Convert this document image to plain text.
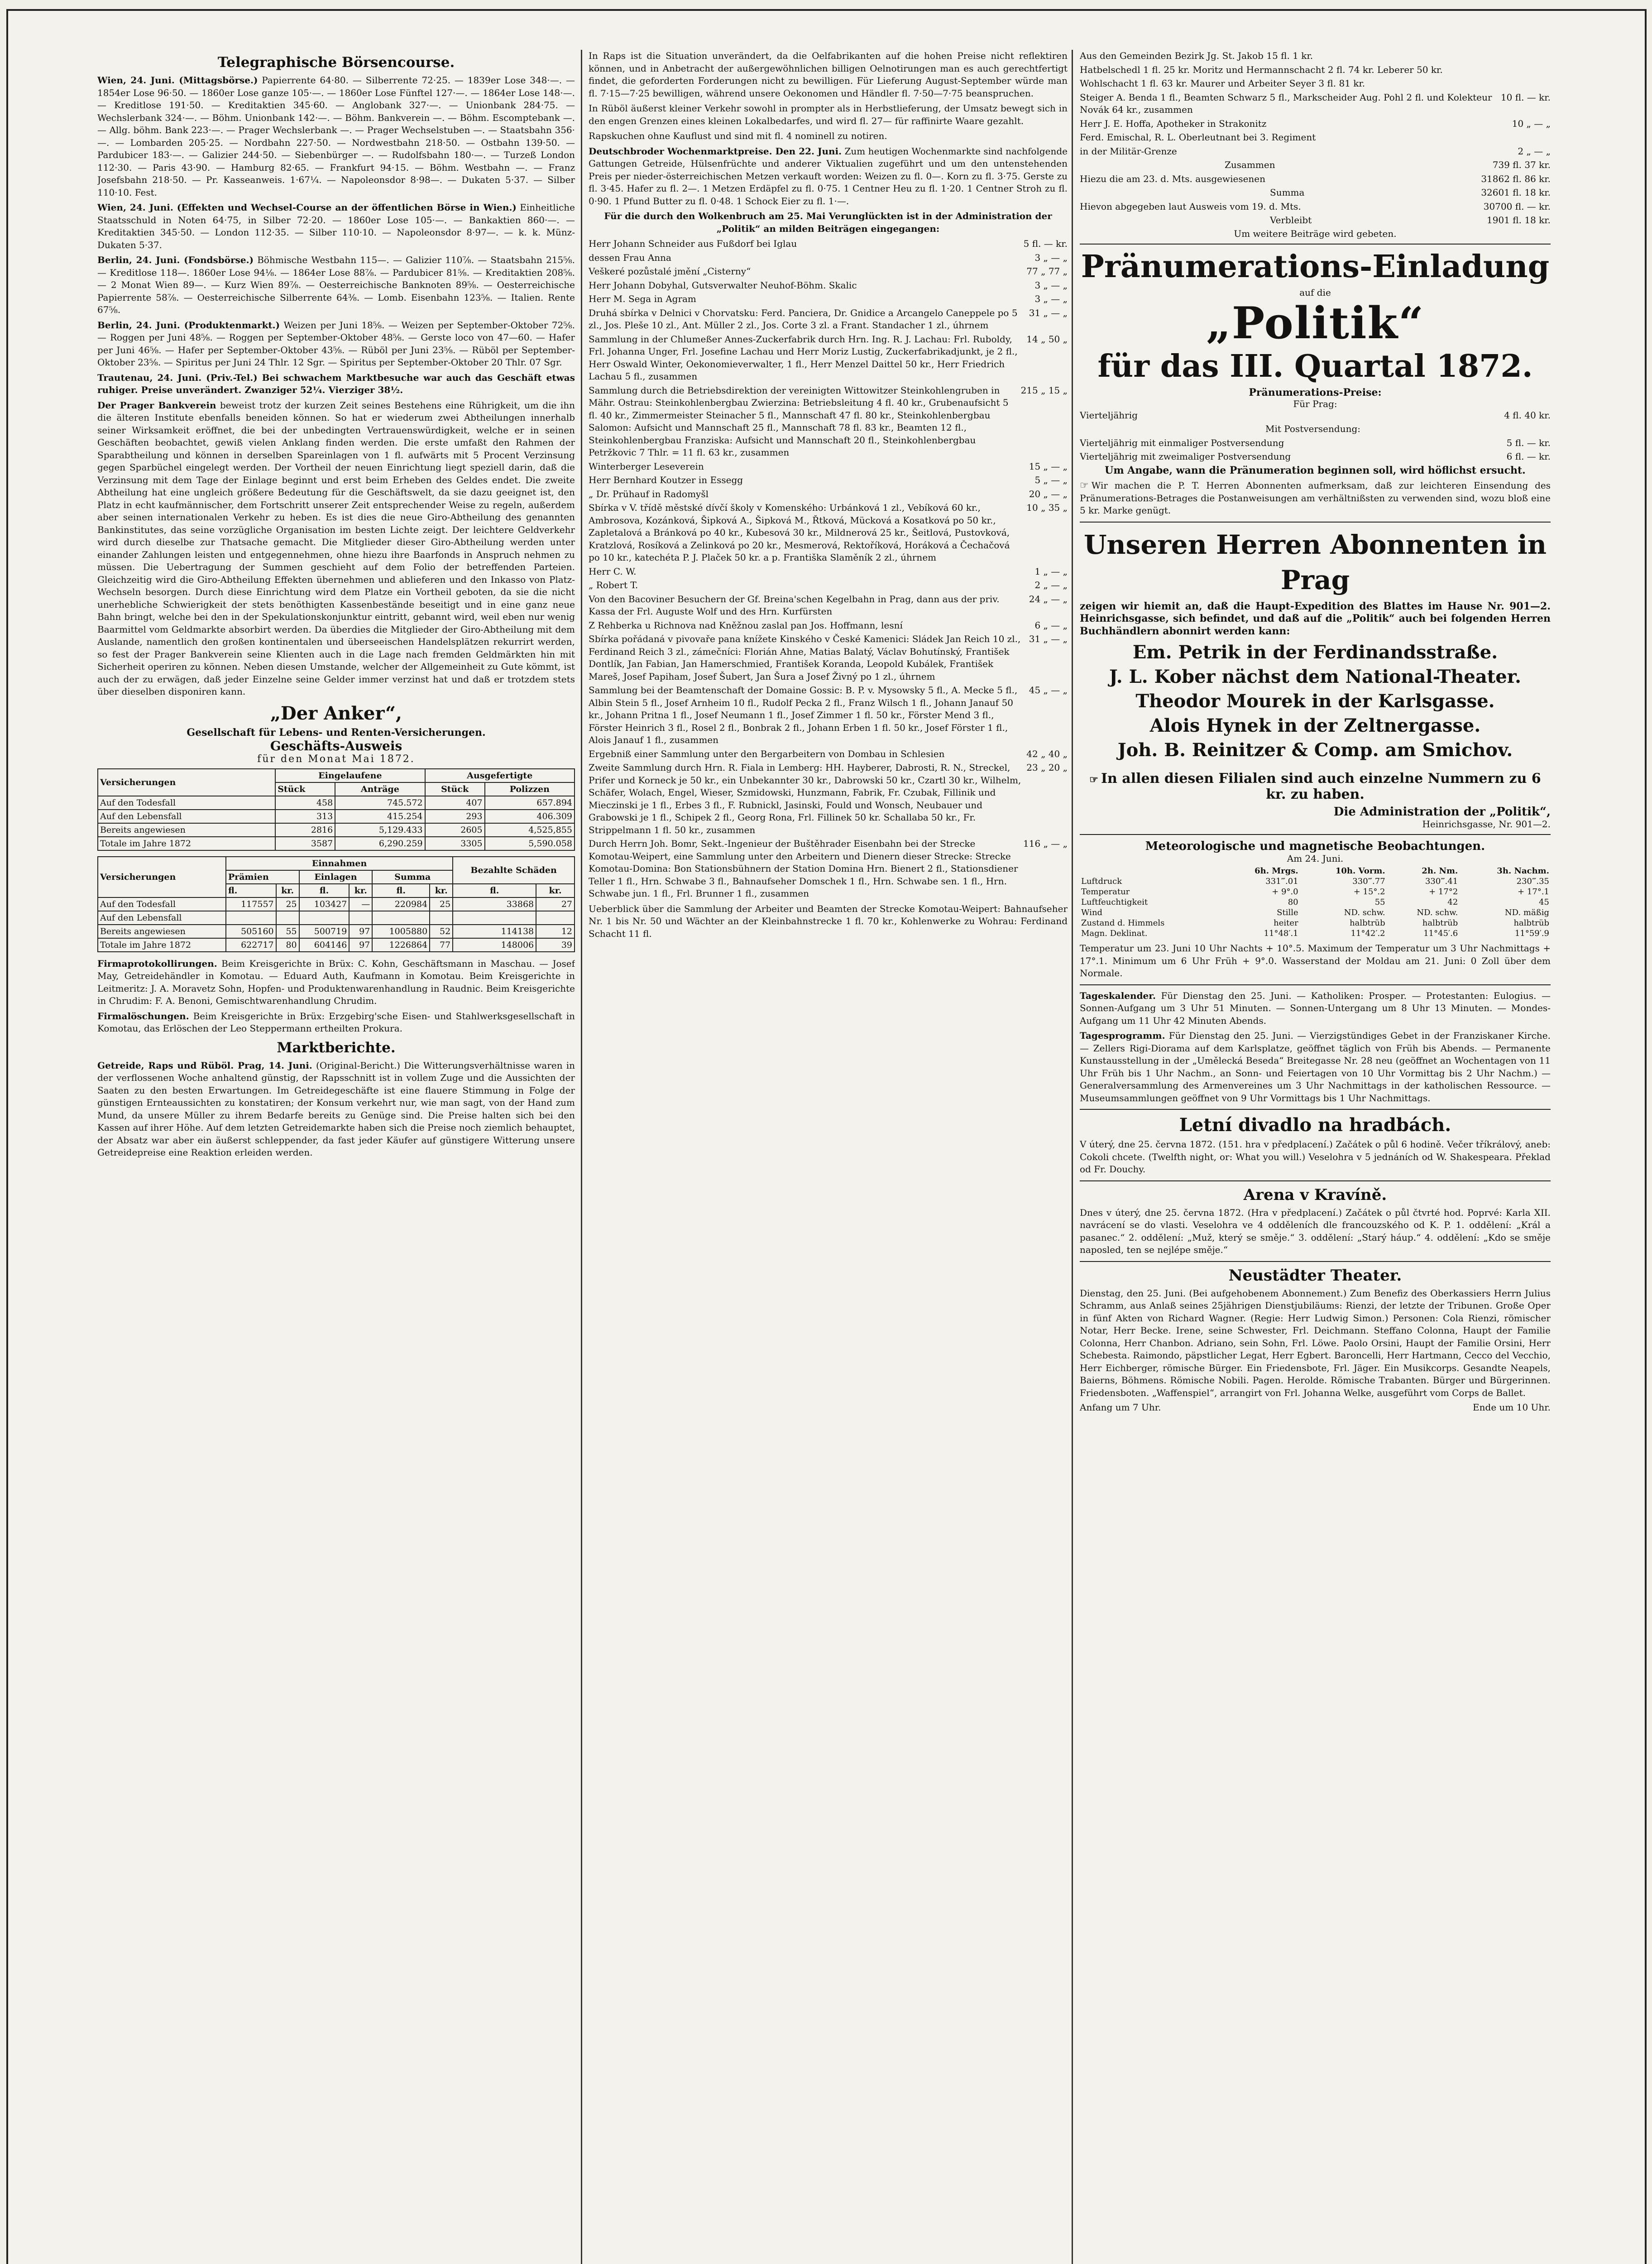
Telegraphische Börsencourse.

Wien, 24. Juni. (Mittagsbörse.) Papierrente 64·80. — Silberrente 72·25. — 1839er Lose 348·—. — 1854er Lose 96·50. — 1860er Lose ganze 105·—. — 1860er Lose Fünftel 127·—. — 1864er Lose 148·—. — Kreditlose 191·50. — Kreditaktien 345·60. — Anglobank 327·—. — Unionbank 284·75. — Wechslerbank 324·—. — Böhm. Unionbank 142·—. — Böhm. Bankverein —. — Böhm. Escomptebank —. — Allg. böhm. Bank 223·—. — Prager Wechslerbank —. — Prager Wechselstuben —. — Staatsbahn 356·—. — Lombarden 205·25. — Nordbahn 227·50. — Nordwestbahn 218·50. — Ostbahn 139·50. — Pardubicer 183·—. — Galizier 244·50. — Siebenbürger —. — Rudolfsbahn 180·—. — Turzeß London 112·30. — Paris 43·90. — Hamburg 82·65. — Frankfurt 94·15. — Böhm. Westbahn —. — Franz Josefsbahn 218·50. — Pr. Kasseanweis. 1·67¼. — Napoleonsdor 8·98—. — Dukaten 5·37. — Silber 110·10. Fest.

Wien, 24. Juni. (Effekten und Wechsel-Course an der öffentlichen Börse in Wien.) Einheitliche Staatsschuld in Noten 64·75, in Silber 72·20. — 1860er Lose 105·—. — Bankaktien 860·—. — Kreditaktien 345·50. — London 112·35. — Silber 110·10. — Napoleonsdor 8·97—. — k. k. Münz-Dukaten 5·37.

Berlin, 24. Juni. (Fondsbörse.) Böhmische Westbahn 115—. — Galizier 110⅞. — Staatsbahn 215⅝. — Kreditlose 118—. 1860er Lose 94⅛. — 1864er Lose 88⅞. — Pardubicer 81⅝. — Kreditaktien 208⅝. — 2 Monat Wien 89—. — Kurz Wien 89⅞. — Oesterreichische Banknoten 89⅝. — Oesterreichische Papierrente 58⅞. — Oesterreichische Silberrente 64⅜. — Lomb. Eisenbahn 123⅝. — Italien. Rente 67⅝.

Berlin, 24. Juni. (Produktenmarkt.) Weizen per Juni 18⅝. — Weizen per September-Oktober 72⅝. — Roggen per Juni 48⅝. — Roggen per September-Oktober 48⅝. — Gerste loco von 47—60. — Hafer per Juni 46⅝. — Hafer per September-Oktober 43⅝. — Rüböl per Juni 23⅝. — Rüböl per September-Oktober 23⅝. — Spiritus per Juni 24 Thlr. 12 Sgr. — Spiritus per September-Oktober 20 Thlr. 07 Sgr.

Trautenau, 24. Juni. (Priv.-Tel.) Bei schwachem Marktbesuche war auch das Geschäft etwas ruhiger. Preise unverändert. Zwanziger 52¼. Vierziger 38½.

Der Prager Bankverein beweist trotz der kurzen Zeit seines Bestehens eine Rührigkeit, um die ihn die älteren Institute ebenfalls beneiden können. So hat er wiederum zwei Abtheilungen innerhalb seiner Wirksamkeit eröffnet, die bei der unbedingten Vertrauenswürdigkeit, welche er in seinen Geschäften beobachtet, gewiß vielen Anklang finden werden. Die erste umfaßt den Rahmen der Sparabtheilung und können in derselben Spareinlagen von 1 fl. aufwärts mit 5 Procent Verzinsung gegen Sparbüchel eingelegt werden. Der Vortheil der neuen Einrichtung liegt speziell darin, daß die Verzinsung mit dem Tage der Einlage beginnt und erst beim Erheben des Geldes endet. Die zweite Abtheilung hat eine ungleich größere Bedeutung für die Geschäftswelt, da sie dazu geeignet ist, den Platz in echt kaufmännischer, dem Fortschritt unserer Zeit entsprechender Weise zu regeln, außerdem aber seinen internationalen Verkehr zu heben. Es ist dies die neue Giro-Abtheilung des genannten Bankinstitutes, das seine vorzügliche Organisation im besten Lichte zeigt. Der leichtere Geldverkehr wird durch dieselbe zur Thatsache gemacht. Die Mitglieder dieser Giro-Abtheilung werden unter einander Zahlungen leisten und entgegennehmen, ohne hiezu ihre Baarfonds in Anspruch nehmen zu müssen. Die Uebertragung der Summen geschieht auf dem Folio der betreffenden Parteien. Gleichzeitig wird die Giro-Abtheilung Effekten übernehmen und ablieferen und den Inkasso von Platz-Wechseln besorgen. Durch diese Einrichtung wird dem Platze ein Vortheil geboten, da sie die nicht unerhebliche Schwierigkeit der stets benöthigten Kassenbestände beseitigt und in eine ganz neue Bahn bringt, welche bei den in der Spekulationskonjunktur eintritt, gebannt wird, weil eben nur wenig Baarmittel vom Geldmarkte absorbirt werden. Da überdies die Mitglieder der Giro-Abtheilung mit dem Auslande, namentlich den großen kontinentalen und überseeischen Handelsplätzen rekurrirt werden, so fest der Prager Bankverein seine Klienten auch in die Lage nach fremden Geldmärkten hin mit Sicherheit operiren zu können. Neben diesen Umstande, welcher der Allgemeinheit zu Gute kömmt, ist auch der zu erwägen, daß jeder Einzelne seine Gelder immer verzinst hat und daß er trotzdem stets über dieselben disponiren kann.

„Der Anker“,
Gesellschaft für Lebens- und Renten-Versicherungen.
Geschäfts-Ausweis
für den Monat Mai 1872.
Versicherungen	Eingelaufene		Ausgefertigte	
	Stück	Anträge	Stück	Polizzen
Auf den Todesfall	458	745.572	407	657.894
Auf den Lebensfall	313	415.254	293	406.309
Bereits angewiesen	2816	5,129.433	2605	4,525,855
Totale im Jahre 1872	3587	6,290.259	3305	5,590.058
Versicherungen	Einnahmen						Bezahlte Schäden	
	Prämien		Einlagen		Summa			
	fl.	kr.	fl.	kr.	fl.	kr.	fl.	kr.
Auf den Todesfall	117557	25	103427	—	220984	25	33868	27
Auf den Lebensfall								
Bereits angewiesen	505160	55	500719	97	1005880	52	114138	12
Totale im Jahre 1872	622717	80	604146	97	1226864	77	148006	39

Firmaprotokollirungen. Beim Kreisgerichte in Brüx: C. Kohn, Geschäftsmann in Maschau. — Josef May, Getreidehändler in Komotau. — Eduard Auth, Kaufmann in Komotau. Beim Kreisgerichte in Leitmeritz: J. A. Moravetz Sohn, Hopfen- und Produktenwarenhandlung in Raudnic. Beim Kreisgerichte in Chrudim: F. A. Benoni, Gemischtwarenhandlung Chrudim.

Firmalöschungen. Beim Kreisgerichte in Brüx: Erzgebirg'sche Eisen- und Stahlwerksgesellschaft in Komotau, das Erlöschen der Leo Steppermann ertheilten Prokura.

Marktberichte.

Getreide, Raps und Rüböl. Prag, 14. Juni. (Original-Bericht.) Die Witterungsverhältnisse waren in der verflossenen Woche anhaltend günstig, der Rapsschnitt ist in vollem Zuge und die Aussichten der Saaten zu den besten Erwartungen. Im Getreidegeschäfte ist eine flauere Stimmung in Folge der günstigen Ernteaussichten zu konstatiren; der Konsum verkehrt nur, wie man sagt, von der Hand zum Mund, da unsere Müller zu ihrem Bedarfe bereits zu Genüge sind. Die Preise halten sich bei den Kassen auf ihrer Höhe. Auf dem letzten Getreidemarkte haben sich die Preise noch ziemlich behauptet, der Absatz war aber ein äußerst schleppender, da fast jeder Käufer auf günstigere Witterung unsere Getreidepreise eine Reaktion erleiden werden.

In Raps ist die Situation unverändert, da die Oelfabrikanten auf die hohen Preise nicht reflektiren können, und in Anbetracht der außergewöhnlichen billigen Oelnotirungen man es auch gerechtfertigt findet, die geforderten Forderungen nicht zu bewilligen. Für Lieferung August-September würde man fl. 7·15—7·25 bewilligen, während unsere Oekonomen und Händler fl. 7·50—7·75 beanspruchen.

In Rüböl äußerst kleiner Verkehr sowohl in prompter als in Herbstlieferung, der Umsatz bewegt sich in den engen Grenzen eines kleinen Lokalbedarfes, und wird fl. 27— für raffinirte Waare gezahlt.

Rapskuchen ohne Kauflust und sind mit fl. 4 nominell zu notiren.

Deutschbroder Wochenmarktpreise. Den 22. Juni. Zum heutigen Wochenmarkte sind nachfolgende Gattungen Getreide, Hülsenfrüchte und anderer Viktualien zugeführt und um den untenstehenden Preis per nieder-österreichischen Metzen verkauft worden: Weizen zu fl. 0—. Korn zu fl. 3·75. Gerste zu fl. 3·45. Hafer zu fl. 2—. 1 Metzen Erdäpfel zu fl. 0·75. 1 Centner Heu zu fl. 1·20. 1 Centner Stroh zu fl. 0·90. 1 Pfund Butter zu fl. 0·48. 1 Schock Eier zu fl. 1·—.

Für die durch den Wolkenbruch am 25. Mai Verunglückten ist in der Administration der „Politik“ an milden Beiträgen eingegangen:

Herr Johann Schneider aus Fußdorf bei Iglau	5 fl. — kr.
dessen Frau Anna	3 „ — „
Veškeré pozůstalé jmění „Cisterny“	77 „ 77 „
Herr Johann Dobyhal, Gutsverwalter Neuhof-Böhm. Skalic	3 „ — „
Herr M. Sega in Agram	3 „ — „
Druhá sbírka v Delnici v Chorvatsku: Ferd. Panciera, Dr. Gnidice a Arcangelo Caneppele po 5 zl., Jos. Pleše 10 zl., Ant. Müller 2 zl., Jos. Corte 3 zl. a Frant. Standacher 1 zl., úhrnem
31 „ — „
Sammlung in der Chlumeßer Annes-Zuckerfabrik durch Hrn. Ing. R. J. Lachau: Frl. Ruboldy, Frl. Johanna Unger, Frl. Josefine Lachau und Herr Moriz Lustig, Zuckerfabrikadjunkt, je 2 fl., Herr Oswald Winter, Oekonomieverwalter, 1 fl., Herr Menzel Daittel 50 kr., Herr Friedrich Lachau 5 fl., zusammen
14 „ 50 „
Sammlung durch die Betriebsdirektion der vereinigten Wittowitzer Steinkohlengruben in Mähr. Ostrau: Steinkohlenbergbau Zwierzina: Betriebsleitung 4 fl. 40 kr., Grubenaufsicht 5 fl. 40 kr., Zimmermeister Steinacher 5 fl., Mannschaft 47 fl. 80 kr., Steinkohlenbergbau Salomon: Aufsicht und Mannschaft 25 fl., Mannschaft 78 fl. 83 kr., Beamten 12 fl., Steinkohlenbergbau Franziska: Aufsicht und Mannschaft 20 fl., Steinkohlenbergbau Petržkovic 7 Thlr. = 11 fl. 63 kr., zusammen
215 „ 15 „
Winterberger Leseverein	15 „ — „
Herr Bernhard Koutzer in Essegg	5 „ — „
„ Dr. Prühauf in Radomyšl	20 „ — „
Sbírka v V. třídě městské dívčí školy v Komenského: Urbánková 1 zl., Vebíková 60 kr., Ambrosova, Kozánková, Šipková A., Šipková M., Řtková, Mücková a Kosatková po 50 kr., Zapletalová a Bránková po 40 kr., Kubesová 30 kr., Mildnerová 25 kr., Šeitlová, Pustovková, Kratzlová, Rosíková a Zelinková po 20 kr., Mesmerová, Rektoříková, Horáková a Čechačová po 10 kr., katechéta P. J. Plaček 50 kr. a p. Františka Slaměník 2 zl., úhrnem
10 „ 35 „
Herr C. W.	1 „ — „
„ Robert T.	2 „ — „
Von den Bacoviner Besuchern der Gf. Breina'schen Kegelbahn in Prag, dann aus der priv. Kassa der Frl. Auguste Wolf und des Hrn. Kurfürsten
24 „ — „
Z Rehberka u Richnova nad Kněžnou zaslal pan Jos. Hoffmann, lesní	6 „ — „
Sbírka pořádaná v pivovaře pana knížete Kinského v České Kamenici: Sládek Jan Reich 10 zl., Ferdinand Reich 3 zl., zámečníci: Florián Ahne, Matias Balatý, Václav Bohutínský, František Dontlík, Jan Fabian, Jan Hamerschmied, František Koranda, Leopold Kubálek, František Mareš, Josef Papiham, Josef Šubert, Jan Šura a Josef Živný po 1 zl., úhrnem
31 „ — „
Sammlung bei der Beamtenschaft der Domaine Gossic: B. P. v. Mysowsky 5 fl., A. Mecke 5 fl., Albin Stein 5 fl., Josef Arnheim 10 fl., Rudolf Pecka 2 fl., Franz Wilsch 1 fl., Johann Janauf 50 kr., Johann Pritna 1 fl., Josef Neumann 1 fl., Josef Zimmer 1 fl. 50 kr., Förster Mend 3 fl., Förster Heinrich 3 fl., Rosel 2 fl., Bonbrak 2 fl., Johann Erben 1 fl. 50 kr., Josef Förster 1 fl., Alois Janauf 1 fl., zusammen
45 „ — „
Ergebniß einer Sammlung unter den Bergarbeitern von Dombau in Schlesien	42 „ 40 „
Zweite Sammlung durch Hrn. R. Fiala in Lemberg: HH. Hayberer, Dabrosti, R. N., Streckel, Prifer und Korneck je 50 kr., ein Unbekannter 30 kr., Dabrowski 50 kr., Czartl 30 kr., Wilhelm, Schäfer, Wolach, Engel, Wieser, Szmidowski, Hunzmann, Fabrik, Fr. Czubak, Fillinik und Mieczinski je 1 fl., Erbes 3 fl., F. Rubnickl, Jasinski, Fould und Wonsch, Neubauer und Grabowski je 1 fl., Schipek 2 fl., Georg Rona, Frl. Fillinek 50 kr. Schallaba 50 kr., Fr. Strippelmann 1 fl. 50 kr., zusammen
23 „ 20 „
Durch Herrn Joh. Bomr, Sekt.-Ingenieur der Buštěhrader Eisenbahn bei der Strecke Komotau-Weipert, eine Sammlung unter den Arbeitern und Dienern dieser Strecke: Strecke Komotau-Domina: Bon Stationsbühnern der Station Domina Hrn. Bienert 2 fl., Stationsdiener Teller 1 fl., Hrn. Schwabe 3 fl., Bahnaufseher Domschek 1 fl., Hrn. Schwabe sen. 1 fl., Hrn. Schwabe jun. 1 fl., Frl. Brunner 1 fl., zusammen
116 „ — „

Ueberblick über die Sammlung der Arbeiter und Beamten der Strecke Komotau-Weipert: Bahnaufseher Nr. 1 bis Nr. 50 und Wächter an der Kleinbahnstrecke 1 fl. 70 kr., Kohlenwerke zu Wohrau: Ferdinand Schacht 11 fl.

Aus den Gemeinden Bezirk Jg. St. Jakob 15 fl. 1 kr.
Hatbelschedl 1 fl. 25 kr. Moritz und Hermannschacht 2 fl. 74 kr. Leberer 50 kr.
Wohlschacht 1 fl. 63 kr. Maurer und Arbeiter Seyer 3 fl. 81 kr.
Steiger A. Benda 1 fl., Beamten Schwarz 5 fl., Markscheider Aug. Pohl 2 fl. und Kolekteur Novák 64 kr., zusammen
10 fl. — kr.
Herr J. E. Hoffa, Apotheker in Strakonitz	10 „ — „
Ferd. Emischal, R. L. Oberleutnant bei 3. Regiment
in der Militär-Grenze	2 „ — „
Zusammen	739 fl. 37 kr.
Hiezu die am 23. d. Mts. ausgewiesenen	31862 fl. 86 kr.
Summa	32601 fl. 18 kr.
Hievon abgegeben laut Ausweis vom 19. d. Mts.	30700 fl. — kr.
Verbleibt	1901 fl. 18 kr.
Um weitere Beiträge wird gebeten.
Pränumerations-Einladung
auf die
„Politik“
für das III. Quartal 1872.
Pränumerations-Preise:
Für Prag:
Vierteljährig	4 fl. 40 kr.
Mit Postversendung:
Vierteljährig mit einmaliger Postversendung	5 fl. — kr.
Vierteljährig mit zweimaliger Postversendung	6 fl. — kr.

Um Angabe, wann die Pränumeration beginnen soll, wird höflichst ersucht.

☞ Wir machen die P. T. Herren Abonnenten aufmerksam, daß zur leichteren Einsendung des Pränumerations-Betrages die Postanweisungen am verhältnißsten zu verwenden sind, wozu bloß eine 5 kr. Marke genügt.

Unseren Herren Abonnenten in Prag

zeigen wir hiemit an, daß die Haupt-Expedition des Blattes im Hause Nr. 901—2. Heinrichsgasse, sich befindet, und daß auf die „Politik“ auch bei folgenden Herren Buchhändlern abonnirt werden kann:

Em. Petrik in der Ferdinandsstraße.
J. L. Kober nächst dem National-Theater.
Theodor Mourek in der Karlsgasse.
Alois Hynek in der Zeltnergasse.
Joh. B. Reinitzer & Comp. am Smichov.
☞ In allen diesen Filialen sind auch einzelne Nummern zu 6 kr. zu haben.
Die Administration der „Politik“,
Heinrichsgasse, Nr. 901—2.
Meteorologische und magnetische Beobachtungen.
Am 24. Juni.
	6h. Mrgs.	10h. Vorm.	2h. Nm.	3h. Nachm.
Luftdruck	331‴.01	330‴.77	330‴.41	230‴.35
Temperatur	+ 9°.0	+ 15°.2	+ 17°2	+ 17°.1
Luftfeuchtigkeit	80	55	42	45
Wind	Stille	ND. schw.	ND. schw.	ND. mäßig
Zustand d. Himmels	heiter	halbtrüb	halbtrüb	halbtrüb
Magn. Deklinat.	11°48′.1	11°42′.2	11°45′.6	11°59′.9

Temperatur um 23. Juni 10 Uhr Nachts + 10°.5. Maximum der Temperatur um 3 Uhr Nachmittags + 17°.1. Minimum um 6 Uhr Früh + 9°.0. Wasserstand der Moldau am 21. Juni: 0 Zoll über dem Normale.

Tageskalender. Für Dienstag den 25. Juni. — Katholiken: Prosper. — Protestanten: Eulogius. — Sonnen-Aufgang um 3 Uhr 51 Minuten. — Sonnen-Untergang um 8 Uhr 13 Minuten. — Mondes-Aufgang um 11 Uhr 42 Minuten Abends.

Tagesprogramm. Für Dienstag den 25. Juni. — Vierzigstündiges Gebet in der Franziskaner Kirche. — Zellers Rigi-Diorama auf dem Karlsplatze, geöffnet täglich von Früh bis Abends. — Permanente Kunstausstellung in der „Umělecká Beseda“ Breitegasse Nr. 28 neu (geöffnet an Wochentagen von 11 Uhr Früh bis 1 Uhr Nachm., an Sonn- und Feiertagen von 10 Uhr Vormittag bis 2 Uhr Nachm.) — Generalversammlung des Armenvereines um 3 Uhr Nachmittags in der katholischen Ressource. — Museumsammlungen geöffnet von 9 Uhr Vormittags bis 1 Uhr Nachmittags.

Letní divadlo na hradbách.

V úterý, dne 25. června 1872. (151. hra v předplacení.) Začátek o půl 6 hodině. Večer tříkrálový, aneb: Cokoli chcete. (Twelfth night, or: What you will.) Veselohra v 5 jednáních od W. Shakespeara. Překlad od Fr. Douchy.

Arena v Kravíně.

Dnes v úterý, dne 25. června 1872. (Hra v předplacení.) Začátek o půl čtvrté hod. Poprvé: Karla XII. navrácení se do vlasti. Veselohra ve 4 odděleních dle francouzského od K. P. 1. oddělení: „Král a pasanec.“ 2. oddělení: „Muž, který se směje.“ 3. oddělení: „Starý háup.“ 4. oddělení: „Kdo se směje naposled, ten se nejlépe směje.“

Neustädter Theater.

Dienstag, den 25. Juni. (Bei aufgehobenem Abonnement.) Zum Benefiz des Oberkassiers Herrn Julius Schramm, aus Anlaß seines 25jährigen Dienstjubiläums: Rienzi, der letzte der Tribunen. Große Oper in fünf Akten von Richard Wagner. (Regie: Herr Ludwig Simon.) Personen: Cola Rienzi, römischer Notar, Herr Becke. Irene, seine Schwester, Frl. Deichmann. Steffano Colonna, Haupt der Familie Colonna, Herr Chanbon. Adriano, sein Sohn, Frl. Löwe. Paolo Orsini, Haupt der Familie Orsini, Herr Schebesta. Raimondo, päpstlicher Legat, Herr Egbert. Baroncelli, Herr Hartmann, Cecco del Vecchio, Herr Eichberger, römische Bürger. Ein Friedensbote, Frl. Jäger. Ein Musikcorps. Gesandte Neapels, Baierns, Böhmens. Römische Nobili. Pagen. Herolde. Römische Trabanten. Bürger und Bürgerinnen. Friedensboten. „Waffenspiel“, arrangirt von Frl. Johanna Welke, ausgeführt vom Corps de Ballet.

Anfang um 7 Uhr.	Ende um 10 Uhr.
